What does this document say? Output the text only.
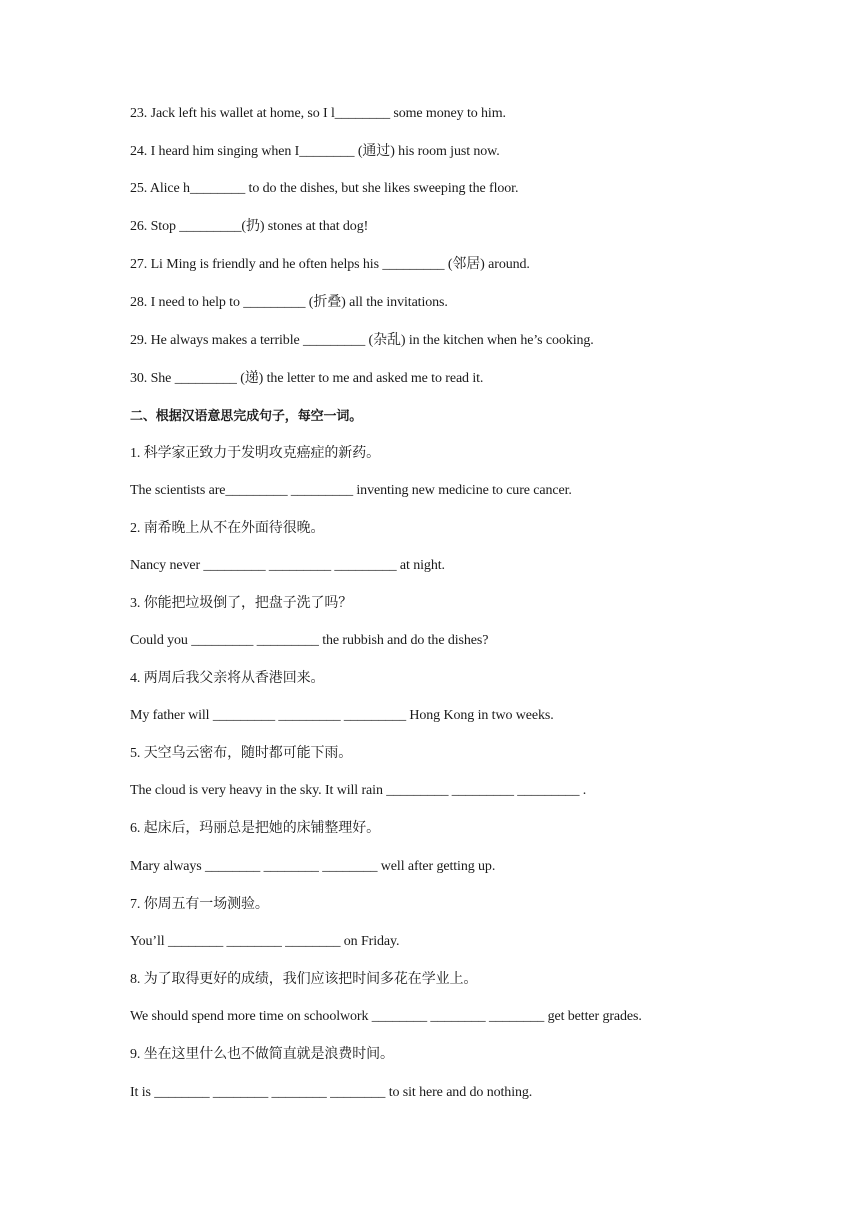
23. Jack left his wallet at home, so I l________ some money to him.
24. I heard him singing when I________ (通过) his room just now.
25. Alice h________ to do the dishes, but she likes sweeping the floor.
26. Stop _________(扔) stones at that dog!
27. Li Ming is friendly and he often helps his _________ (邻居) around.
28. I need to help to _________ (折叠) all the invitations.
29. He always makes a terrible _________ (杂乱) in the kitchen when he’s cooking.
30. She _________ (递) the letter to me and asked me to read it.
二、根据汉语意思完成句子，每空一词。
1. 科学家正致力于发明攻克癌症的新药。
The scientists are_________ _________ inventing new medicine to cure cancer.
2. 南希晚上从不在外面待很晚。
Nancy never _________ _________ _________ at night.
3. 你能把垃圾倒了，把盘子洗了吗？
Could you _________ _________ the rubbish and do the dishes?
4. 两周后我父亲将从香港回来。
My father will _________ _________ _________ Hong Kong in two weeks.
5. 天空乌云密布，随时都可能下雨。
The cloud is very heavy in the sky. It will rain _________ _________ _________ .
6. 起床后，玛丽总是把她的床铺整理好。
Mary always ________ ________ ________ well after getting up.
7. 你周五有一场测验。
You’ll ________ ________ ________ on Friday.
8. 为了取得更好的成绩，我们应该把时间多花在学业上。
We should spend more time on schoolwork ________ ________ ________ get better grades.
9. 坐在这里什么也不做简直就是浪费时间。
It is ________ ________ ________ ________ to sit here and do nothing.
